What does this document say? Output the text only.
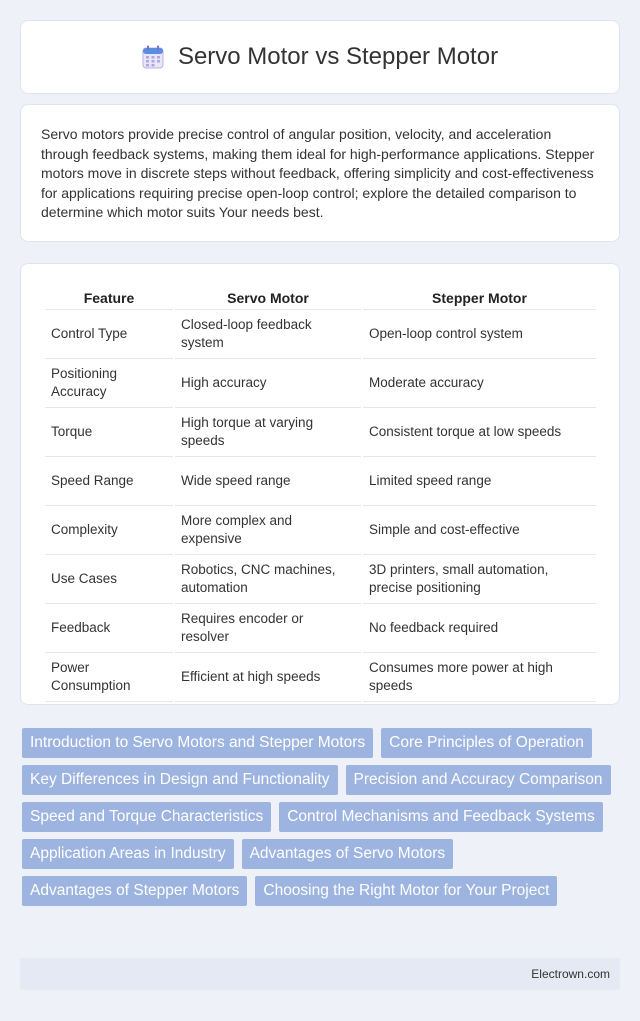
Servo Motor vs Stepper Motor

Servo motors provide precise control of angular position, velocity, and acceleration through feedback systems, making them ideal for high-performance applications. Stepper motors move in discrete steps without feedback, offering simplicity and cost-effectiveness for applications requiring precise open-loop control; explore the detailed comparison to determine which motor suits Your needs best.

Feature	Servo Motor	Stepper Motor
Control Type	Closed-loop feedback system	Open-loop control system
Positioning Accuracy	High accuracy	Moderate accuracy
Torque	High torque at varying speeds	Consistent torque at low speeds
Speed Range	Wide speed range	Limited speed range
Complexity	More complex and expensive	Simple and cost-effective
Use Cases	Robotics, CNC machines, automation	3D printers, small automation, precise positioning
Feedback	Requires encoder or resolver	No feedback required
Power Consumption	Efficient at high speeds	Consumes more power at high speeds
Introduction to Servo Motors and Stepper Motors	Core Principles of Operation
Key Differences in Design and Functionality	Precision and Accuracy Comparison
Speed and Torque Characteristics	Control Mechanisms and Feedback Systems
Application Areas in Industry	Advantages of Servo Motors
Advantages of Stepper Motors	Choosing the Right Motor for Your Project
Electrown.com
